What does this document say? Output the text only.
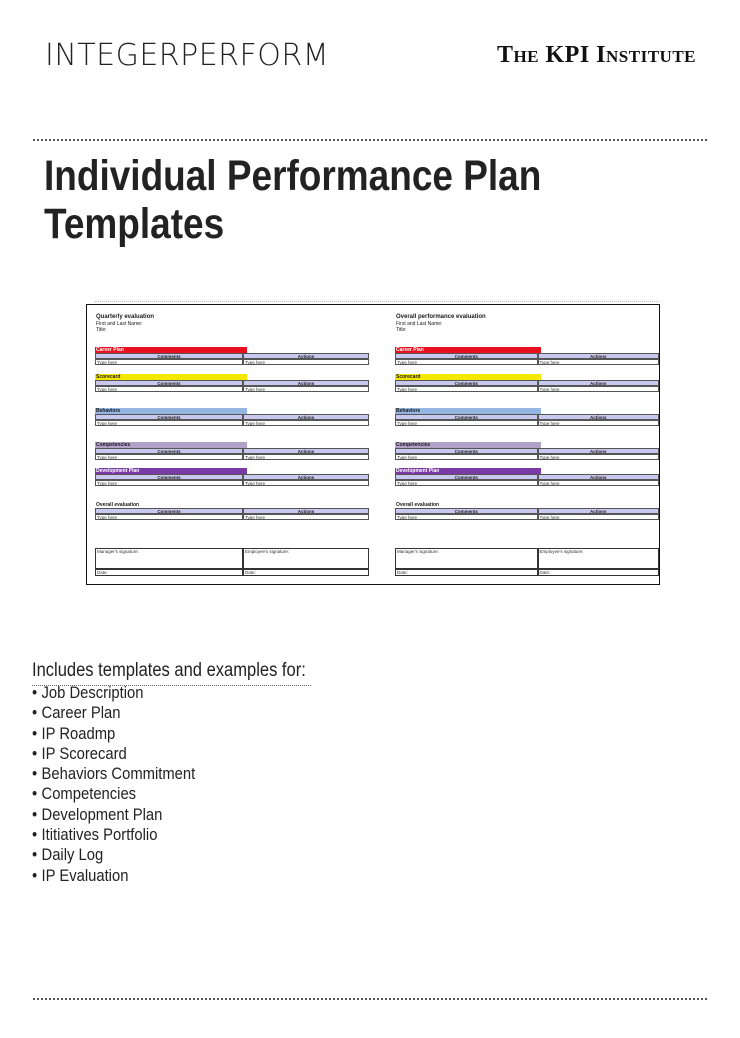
INTEGERPERFORM	The KPI Institute
Individual Performance Plan
Templates
Quarterly evaluation
First and Last Name:
Title:
Career Plan
Comments	Actions
Type here	Type here
Scorecard
Comments	Actions
Type here	Type here
Behaviors
Comments	Actions
Type here	Type here
Competencies
Comments	Actions
Type here	Type here
Development Plan
Comments	Actions
Type here	Type here
Overall evaluation
Comments	Actions
Type here	Type here
Manager's signature:	Employee's signature:
Date:	Date:
Overall performance evaluation
First and Last Name:
Title:
Career Plan
Comments	Actions
Type here	Type here
Scorecard
Comments	Actions
Type here	Type here
Behaviors
Comments	Actions
Type here	Type here
Competencies
Comments	Actions
Type here	Type here
Development Plan
Comments	Actions
Type here	Type here
Overall evaluation
Comments	Actions
Type here	Type here
Manager's signature:	Employee's signature:
Date:	Date:
Includes templates and examples for:
• Job Description
• Career Plan
• IP Roadmp
• IP Scorecard
• Behaviors Commitment
• Competencies
• Development Plan
• Ititiatives Portfolio
• Daily Log
• IP Evaluation
